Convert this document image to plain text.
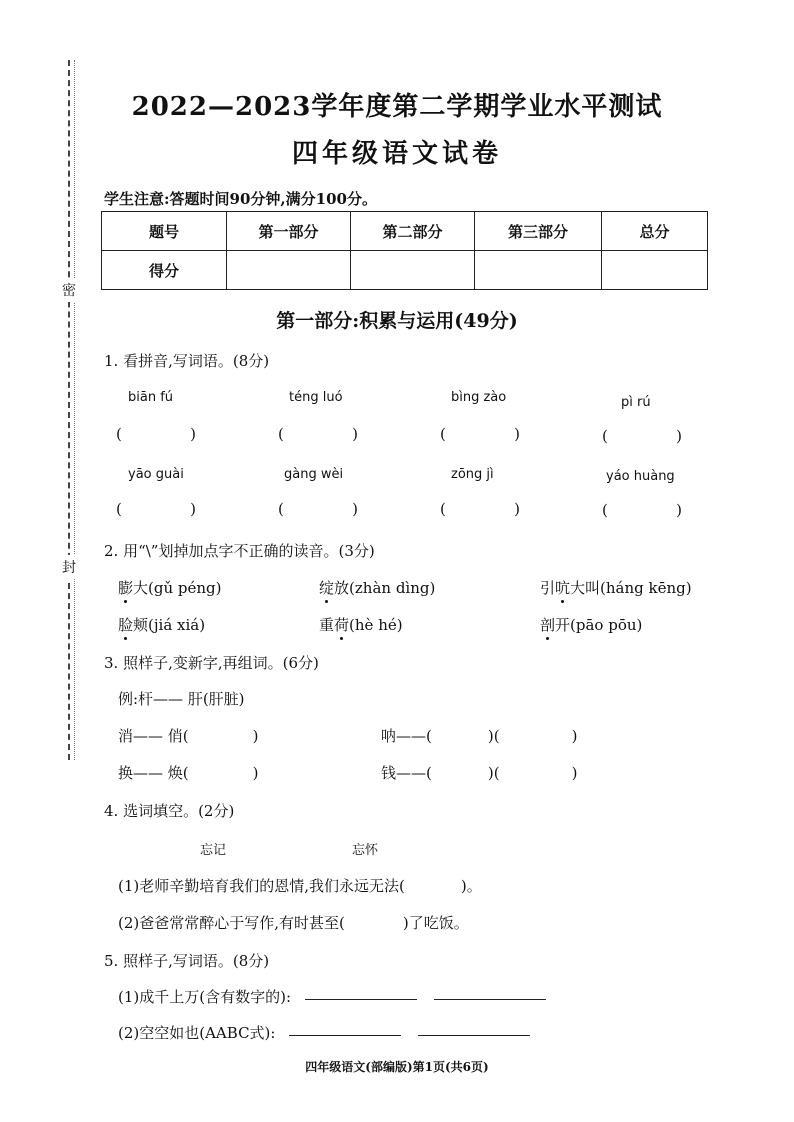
密
封
2022—2023学年度第二学期学业水平测试
四年级语文试卷
学生注意:答题时间90分钟,满分100分。
题号	第一部分	第二部分	第三部分	总分
得分				
第一部分:积累与运用(49分)
1. 看拼音,写词语。(8分)
biān fú	téng luó	bìng zào	pì rú
(	)	(	)	(	)	(	)
yāo guài	gàng wèi	zōng jì	yáo huàng
(	)	(	)	(	)	(	)
2. 用“\”划掉加点字不正确的读音。(3分)
膨大(gǔ péng)	绽放(zhàn dìng)	引吭大叫(háng kēng)
脸颊(jiá xiá)	重荷(hè hé)	剖开(pāo pōu)
3. 照样子,变新字,再组词。(6分)
例:杆—— 肝(肝脏)
消—— 俏(	)	呐——(	)(	)
换—— 焕(	)	钱——(	)(	)
4. 选词填空。(2分)
忘记	忘怀
(1)老师辛勤培育我们的恩情,我们永远无法(	)。
(2)爸爸常常醉心于写作,有时甚至(	)了吃饭。
5. 照样子,写词语。(8分)
(1)成千上万(含有数字的):
(2)空空如也(AABC式):
四年级语文(部编版)第1页(共6页)
